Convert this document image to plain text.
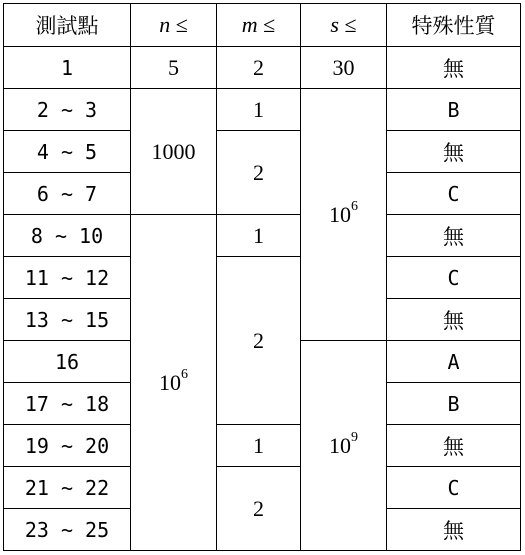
測試點	n ≤	m ≤	s ≤	特殊性質
1	5	2	30	無
2 ~ 3	1000	1	$10^6$	B
4 ~ 5		2		無
6 ~ 7				C
8 ~ 10	$10^6$	1		無
11 ~ 12		2		C
13 ~ 15				無
16			$10^9$	A
17 ~ 18				B
19 ~ 20		1		無
21 ~ 22		2		C
23 ~ 25				無
